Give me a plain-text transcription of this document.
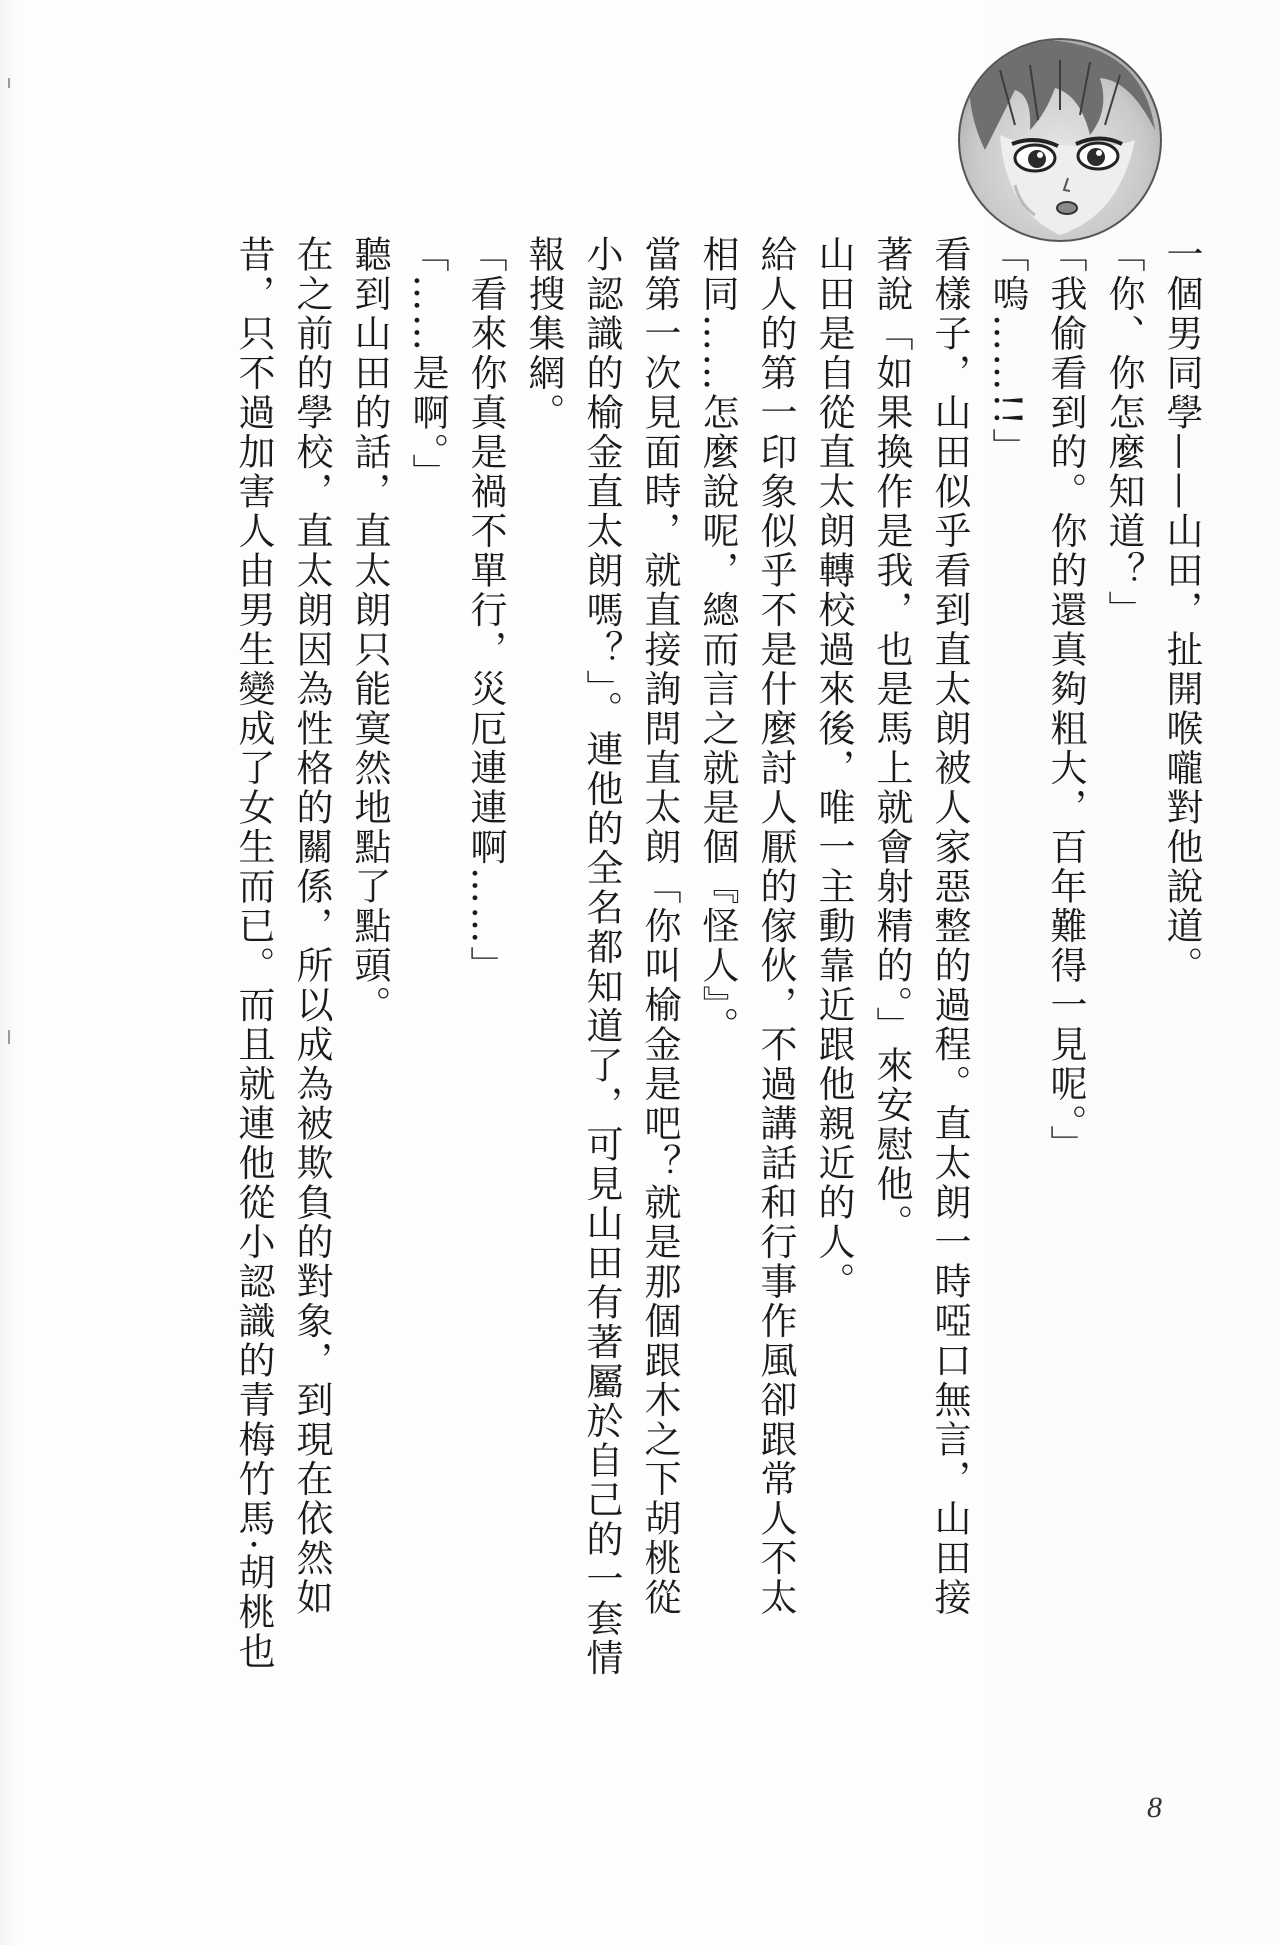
一個男同學——山田，扯開喉嚨對他說道。
「你、你怎麼知道？」
「我偷看到的。你的還真夠粗大，百年難得一見呢。」
「嗚……!!」
看樣子，山田似乎看到直太朗被人家惡整的過程。直太朗一時啞口無言，山田接
著說「如果換作是我，也是馬上就會射精的。」來安慰他。
山田是自從直太朗轉校過來後，唯一主動靠近跟他親近的人。
給人的第一印象似乎不是什麼討人厭的傢伙，不過講話和行事作風卻跟常人不太
相同……怎麼說呢，總而言之就是個『怪人』。
當第一次見面時，就直接詢問直太朗「你叫榆金是吧？就是那個跟木之下胡桃從
小認識的榆金直太朗嗎？」。連他的全名都知道了，可見山田有著屬於自己的一套情
報搜集網。
「看來你真是禍不單行，災厄連連啊……」
「……是啊。」
聽到山田的話，直太朗只能寞然地點了點頭。
在之前的學校，直太朗因為性格的關係，所以成為被欺負的對象，到現在依然如
昔，只不過加害人由男生變成了女生而已。而且就連他從小認識的青梅竹馬·胡桃也
8
